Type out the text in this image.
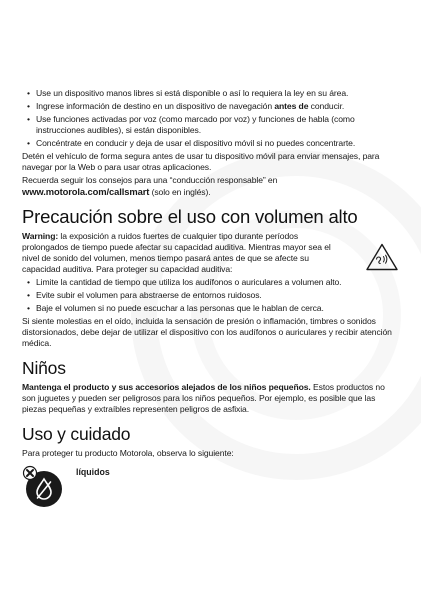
• Use un dispositivo manos libres si está disponible o así lo requiera la ley en su área.
• Ingrese información de destino en un dispositivo de navegación antes de conducir.
• Use funciones activadas por voz (como marcado por voz) y funciones de habla (como instrucciones audibles), si están disponibles.
• Concéntrate en conducir y deja de usar el dispositivo móvil si no puedes concentrarte.

Detén el vehículo de forma segura antes de usar tu dispositivo móvil para enviar mensajes, para navegar por la Web o para usar otras aplicaciones.

Recuerda seguir los consejos para una “conducción responsable” en
www.motorola.com/callsmart (solo en inglés).

Precaución sobre el uso con volumen alto

Warning: la exposición a ruidos fuertes de cualquier tipo durante períodos prolongados de tiempo puede afectar su capacidad auditiva. Mientras mayor sea el nivel de sonido del volumen, menos tiempo pasará antes de que se afecte su capacidad auditiva. Para proteger su capacidad auditiva:

• Limite la cantidad de tiempo que utiliza los audífonos o auriculares a volumen alto.
• Evite subir el volumen para abstraerse de entornos ruidosos.
• Baje el volumen si no puede escuchar a las personas que le hablan de cerca.

Si siente molestias en el oído, incluida la sensación de presión o inflamación, timbres o sonidos distorsionados, debe dejar de utilizar el dispositivo con los audífonos o auriculares y recibir atención médica.

Niños

Mantenga el producto y sus accesorios alejados de los niños pequeños. Estos productos no son juguetes y pueden ser peligrosos para los niños pequeños. Por ejemplo, es posible que las piezas pequeñas y extraíbles representen peligros de asfixia.

Uso y cuidado

Para proteger tu producto Motorola, observa lo siguiente:

líquidos
